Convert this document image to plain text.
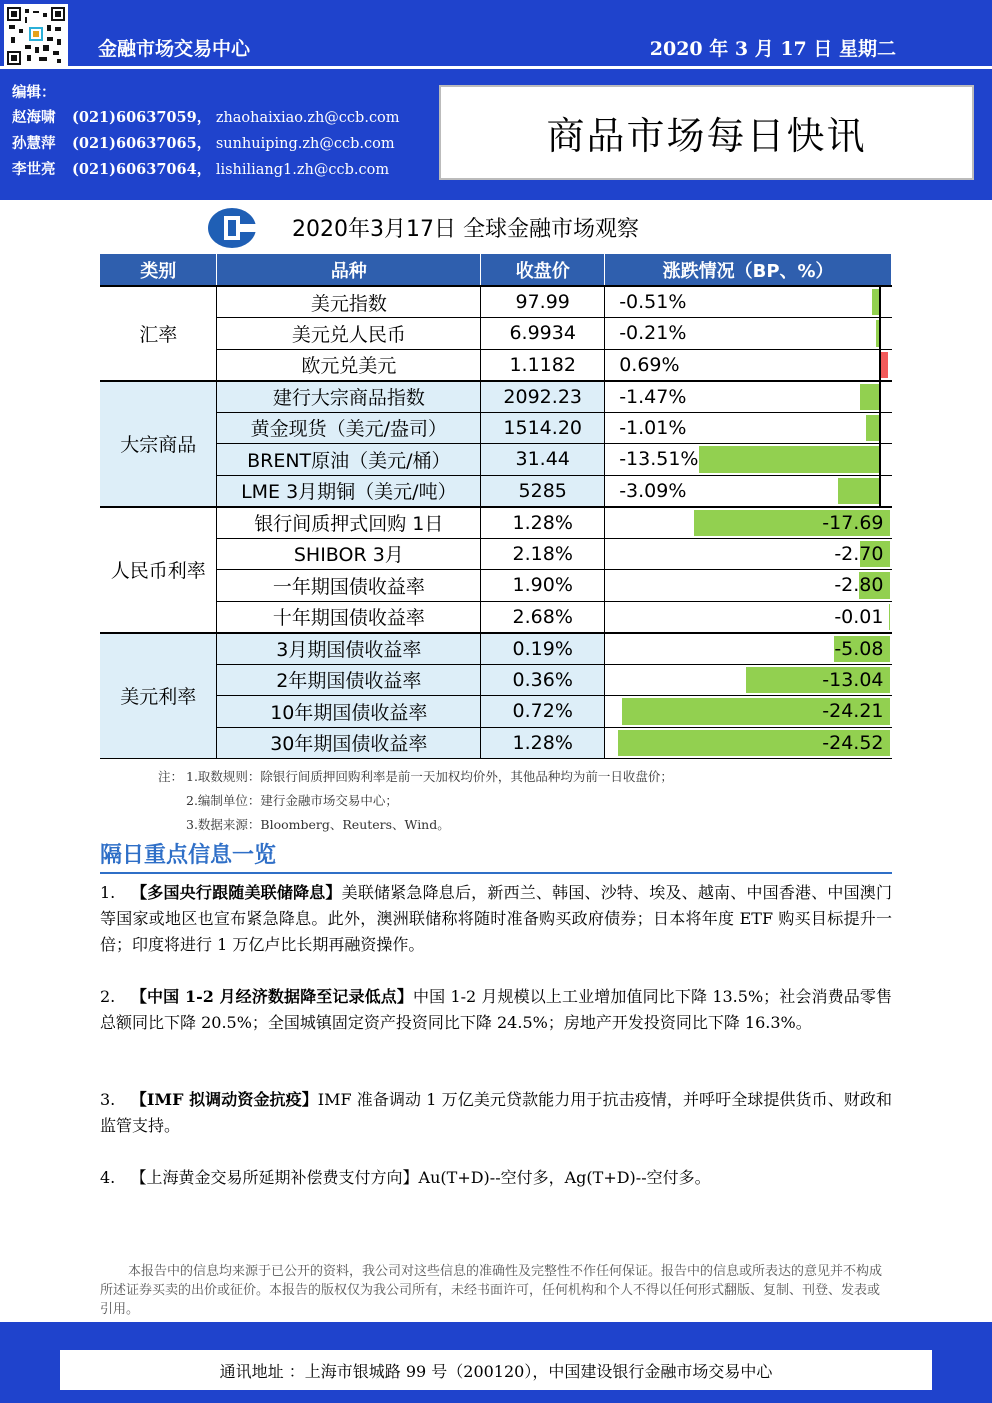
金融市场交易中心	2020 年 3 月 17 日 星期二
编辑：
赵海啸 (021)60637059， zhaohaixiao.zh@ccb.com
孙慧萍 (021)60637065， sunhuiping.zh@ccb.com
李世亮 (021)60637064， lishiliang1.zh@ccb.com
商品市场每日快讯
2020年3月17日 全球金融市场观察
类别	品种	收盘价	涨跌情况（BP、%）
汇率	美元指数	97.99	-0.51%

	美元兑人民币	6.9934	-0.21%

	欧元兑美元	1.1182	0.69%

大宗商品	建行大宗商品指数	2092.23	-1.47%

	黄金现货（美元/盎司）	1514.20	-1.01%

	BRENT原油（美元/桶）	31.44	-13.51%

	LME 3月期铜（美元/吨）	5285	-3.09%

人民币利率	银行间质押式回购 1日	1.28%	-17.69

	SHIBOR 3月	2.18%	-2.70

	一年期国债收益率	1.90%	-2.80

	十年期国债收益率	2.68%	-0.01

美元利率	3月期国债收益率	0.19%	-5.08

	2年期国债收益率	0.36%	-13.04

	10年期国债收益率	0.72%	-24.21

	30年期国债收益率	1.28%	-24.52
注： 1.取数规则：除银行间质押回购利率是前一天加权均价外，其他品种均为前一日收盘价；
2.编制单位：建行金融市场交易中心；
3.数据来源：Bloomberg、Reuters、Wind。
隔日重点信息一览
1. 【多国央行跟随美联储降息】美联储紧急降息后，新西兰、韩国、沙特、埃及、越南、中国香港、中国澳门等国家或地区也宣布紧急降息。此外，澳洲联储称将随时准备购买政府债券；日本将年度 ETF 购买目标提升一倍；印度将进行 1 万亿卢比长期再融资操作。
2. 【中国 1-2 月经济数据降至记录低点】中国 1-2 月规模以上工业增加值同比下降 13.5%；社会消费品零售总额同比下降 20.5%；全国城镇固定资产投资同比下降 24.5%；房地产开发投资同比下降 16.3%。
3. 【IMF 拟调动资金抗疫】IMF 准备调动 1 万亿美元贷款能力用于抗击疫情，并呼吁全球提供货币、财政和监管支持。
4. 【上海黄金交易所延期补偿费支付方向】Au(T+D)--空付多，Ag(T+D)--空付多。
本报告中的信息均来源于已公开的资料，我公司对这些信息的准确性及完整性不作任何保证。报告中的信息或所表达的意见并不构成所述证券买卖的出价或征价。本报告的版权仅为我公司所有，未经书面许可，任何机构和个人不得以任何形式翻版、复制、刊登、发表或引用。
通讯地址 ：上海市银城路 99 号（200120），中国建设银行金融市场交易中心
